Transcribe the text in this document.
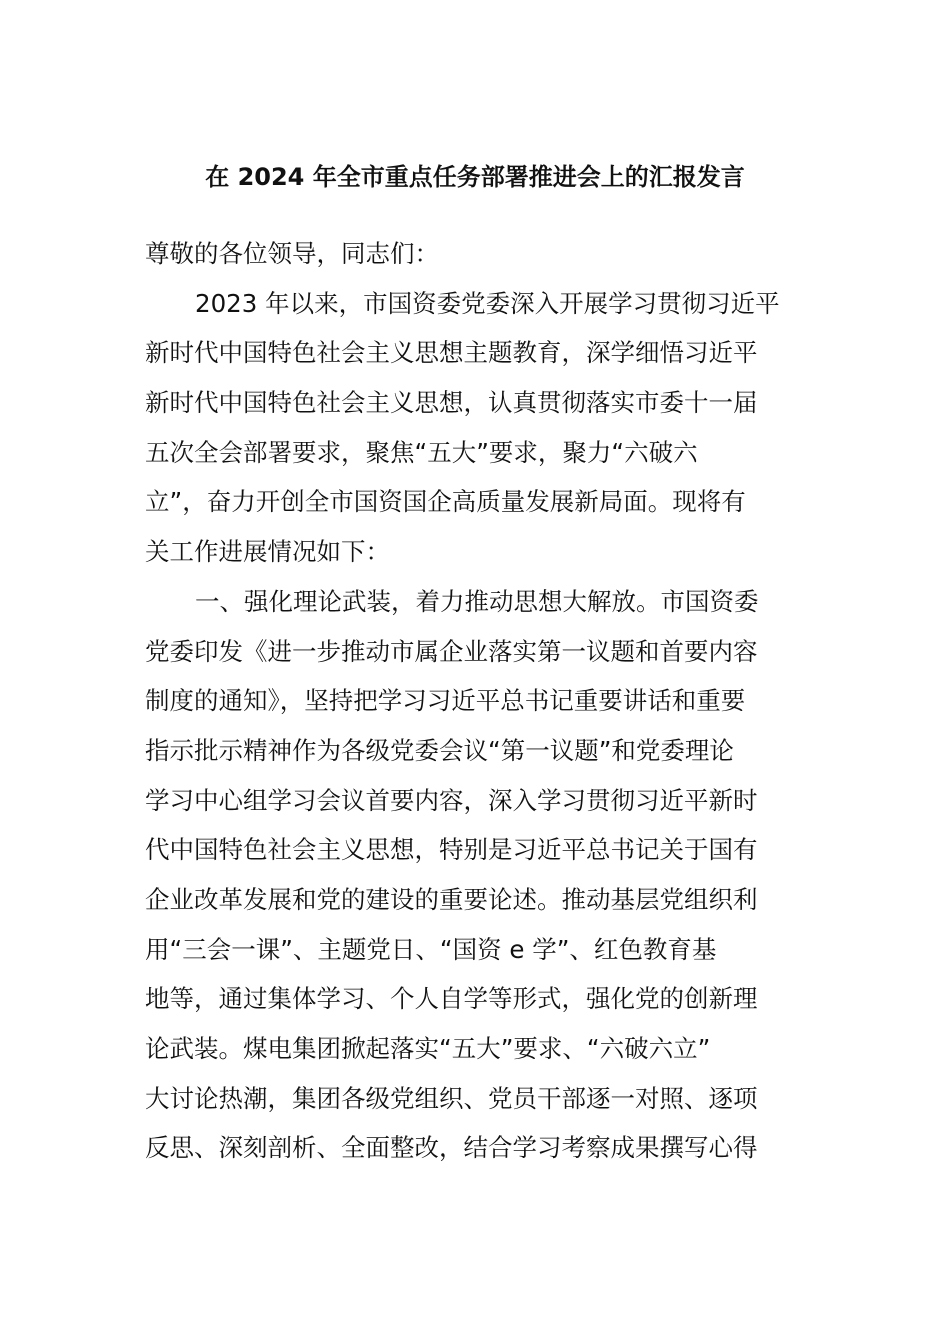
在 2024 年全市重点任务部署推进会上的汇报发言
尊敬的各位领导，同志们：
2023 年以来，市国资委党委深入开展学习贯彻习近平
新时代中国特色社会主义思想主题教育，深学细悟习近平
新时代中国特色社会主义思想，认真贯彻落实市委十一届
五次全会部署要求，聚焦“五大”要求，聚力“六破六
立”，奋力开创全市国资国企高质量发展新局面。现将有
关工作进展情况如下：
一、强化理论武装，着力推动思想大解放。市国资委
党委印发《进一步推动市属企业落实第一议题和首要内容
制度的通知》，坚持把学习习近平总书记重要讲话和重要
指示批示精神作为各级党委会议“第一议题”和党委理论
学习中心组学习会议首要内容，深入学习贯彻习近平新时
代中国特色社会主义思想，特别是习近平总书记关于国有
企业改革发展和党的建设的重要论述。推动基层党组织利
用“三会一课”、主题党日、“国资 e 学”、红色教育基
地等，通过集体学习、个人自学等形式，强化党的创新理
论武装。煤电集团掀起落实“五大”要求、“六破六立”
大讨论热潮，集团各级党组织、党员干部逐一对照、逐项
反思、深刻剖析、全面整改，结合学习考察成果撰写心得
